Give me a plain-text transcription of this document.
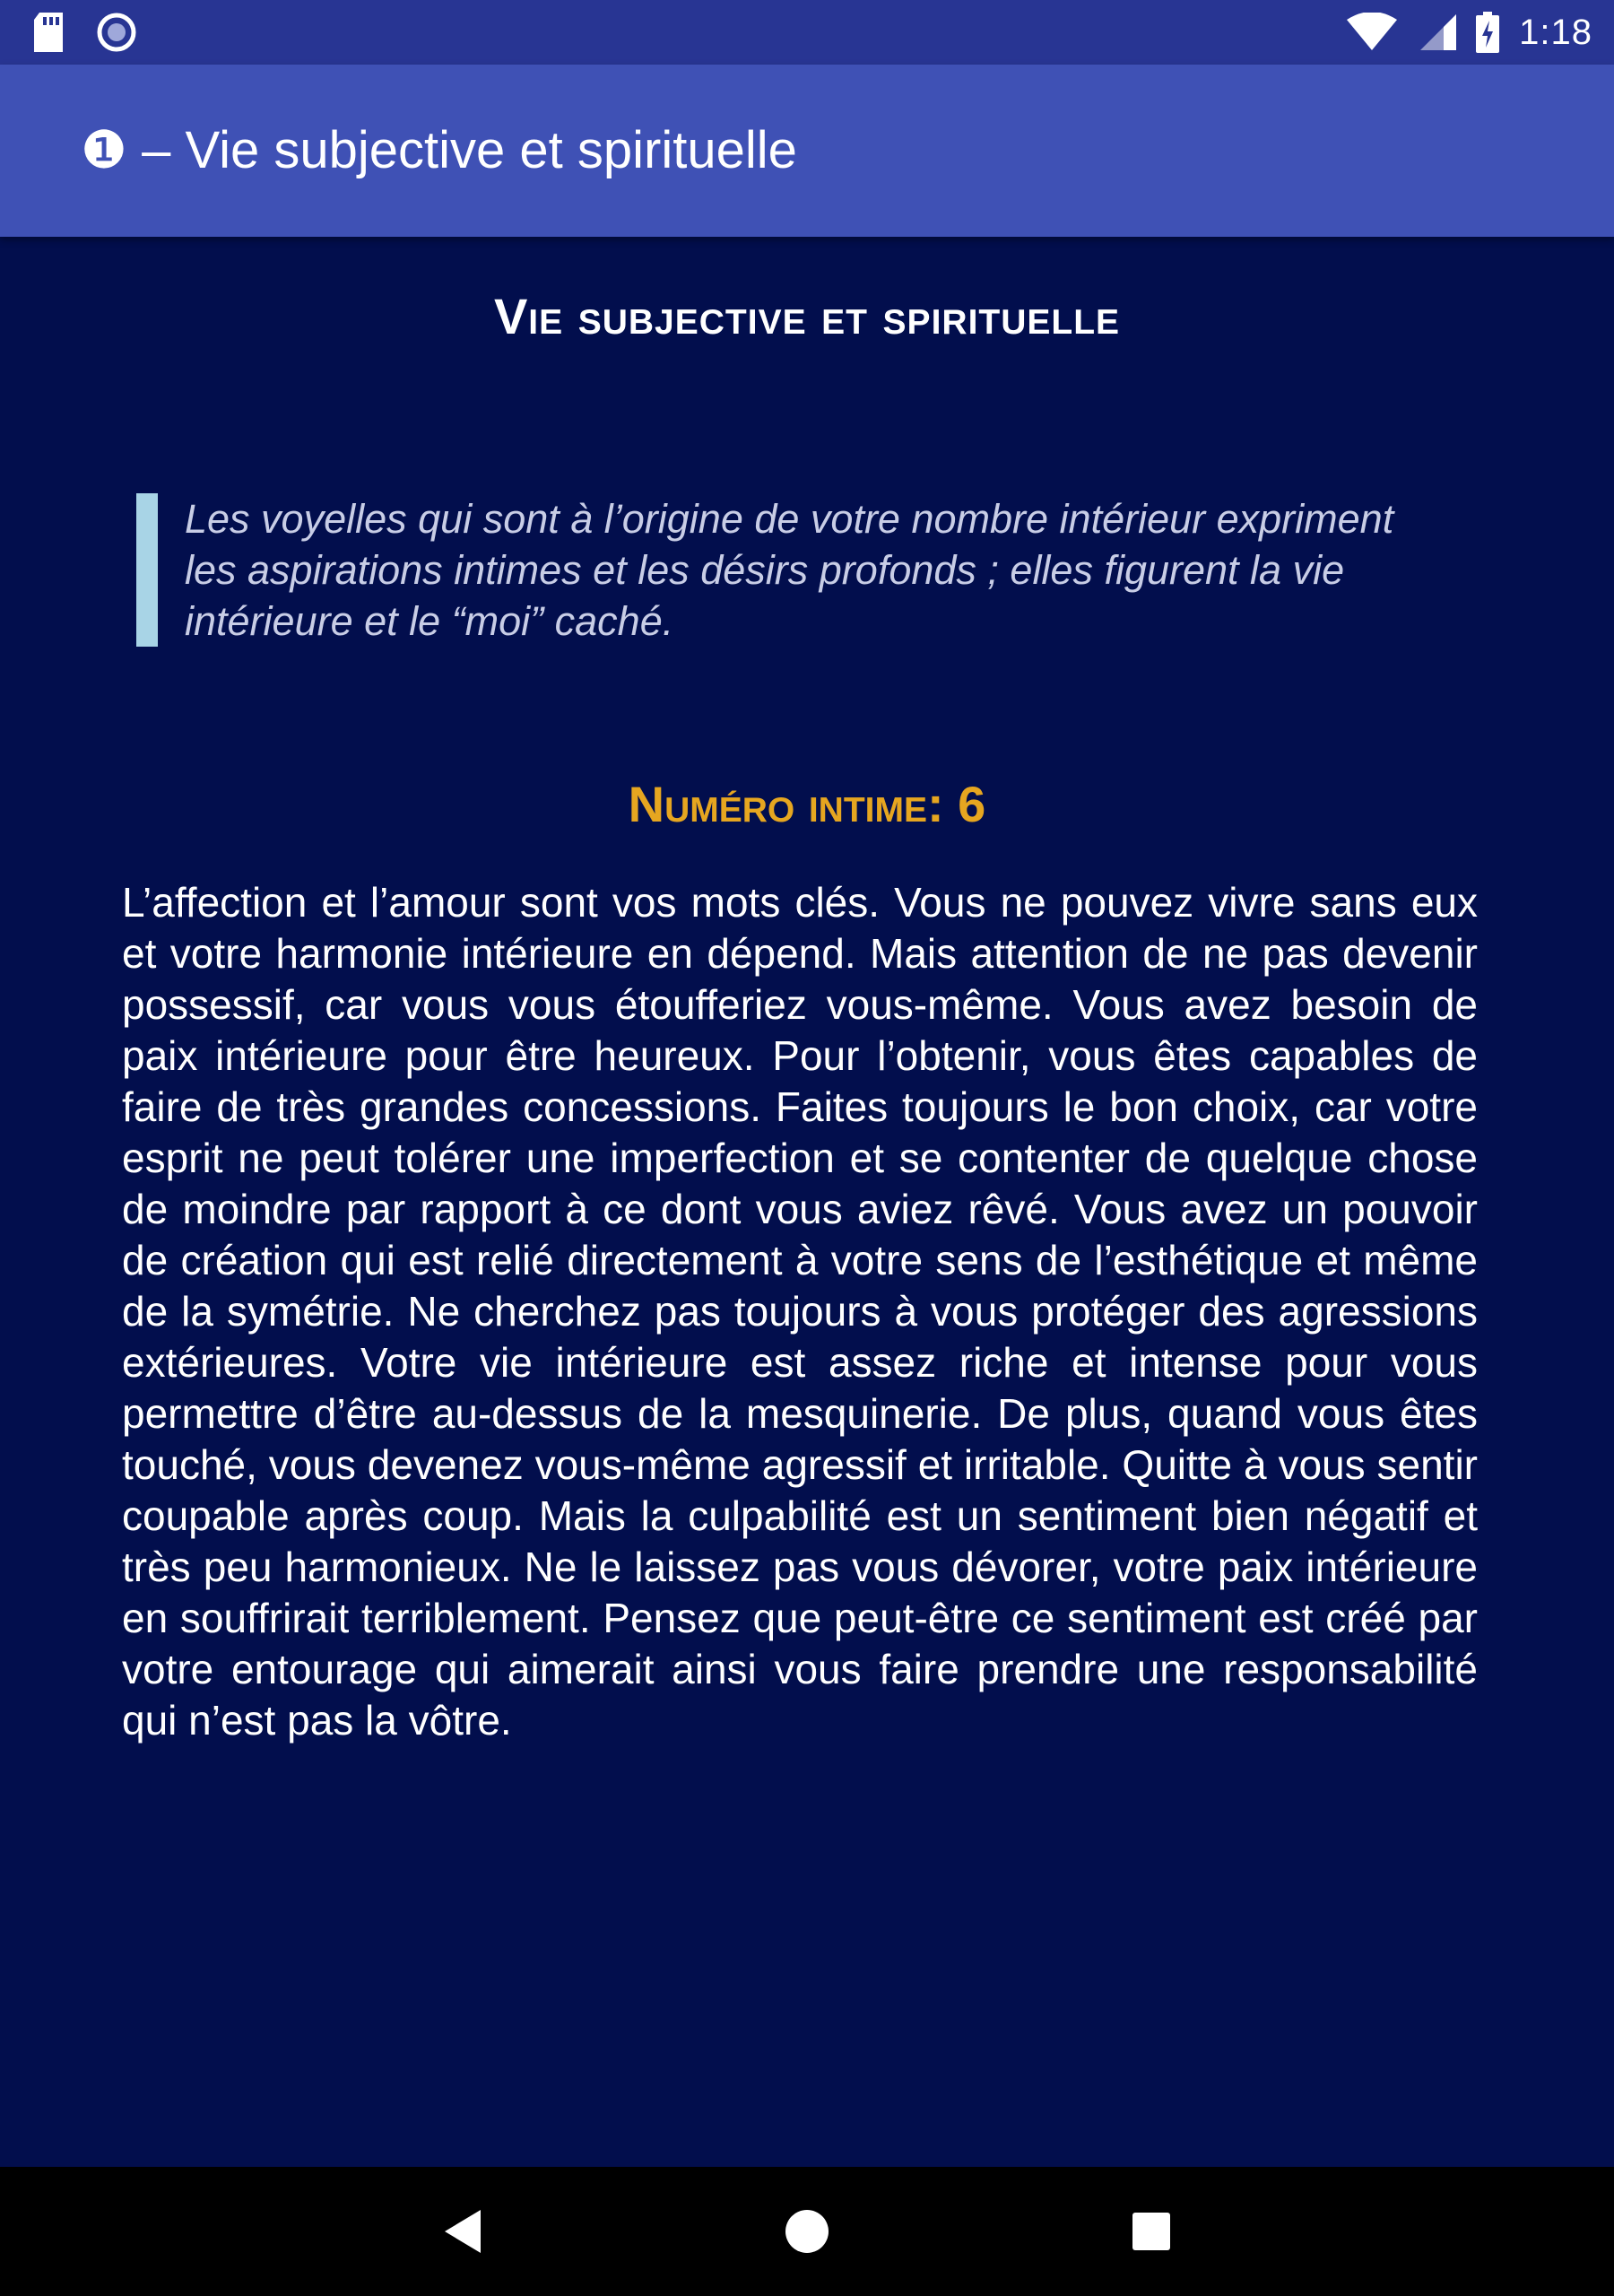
1:18
❶ – Vie subjective et spirituelle
Vie subjective et spirituelle
Les voyelles qui sont à l’origine de votre nombre intérieur expriment les aspirations intimes et les désirs profonds ; elles figurent la vie intérieure et le “moi” caché.
Numéro intime: 6
L’affection et l’amour sont vos mots clés. Vous ne pouvez vivre sans eux et votre harmonie intérieure en dépend. Mais attention de ne pas devenir possessif, car vous vous étoufferiez vous-même. Vous avez besoin de paix intérieure pour être heureux. Pour l’obtenir, vous êtes capables de faire de très grandes concessions. Faites toujours le bon choix, car votre esprit ne peut tolérer une imperfection et se contenter de quelque chose de moindre par rapport à ce dont vous aviez rêvé. Vous avez un pouvoir de création qui est relié directement à votre sens de l’esthétique et même de la symétrie. Ne cherchez pas toujours à vous protéger des agressions extérieures. Votre vie intérieure est assez riche et intense pour vous permettre d’être au-dessus de la mesquinerie. De plus, quand vous êtes touché, vous devenez vous-même agressif et irritable. Quitte à vous sentir coupable après coup. Mais la culpabilité est un sentiment bien négatif et très peu harmonieux. Ne le laissez pas vous dévorer, votre paix intérieure en souffrirait terriblement. Pensez que peut-être ce sentiment est créé par votre entourage qui aimerait ainsi vous faire prendre une responsabilité qui n’est pas la vôtre.
